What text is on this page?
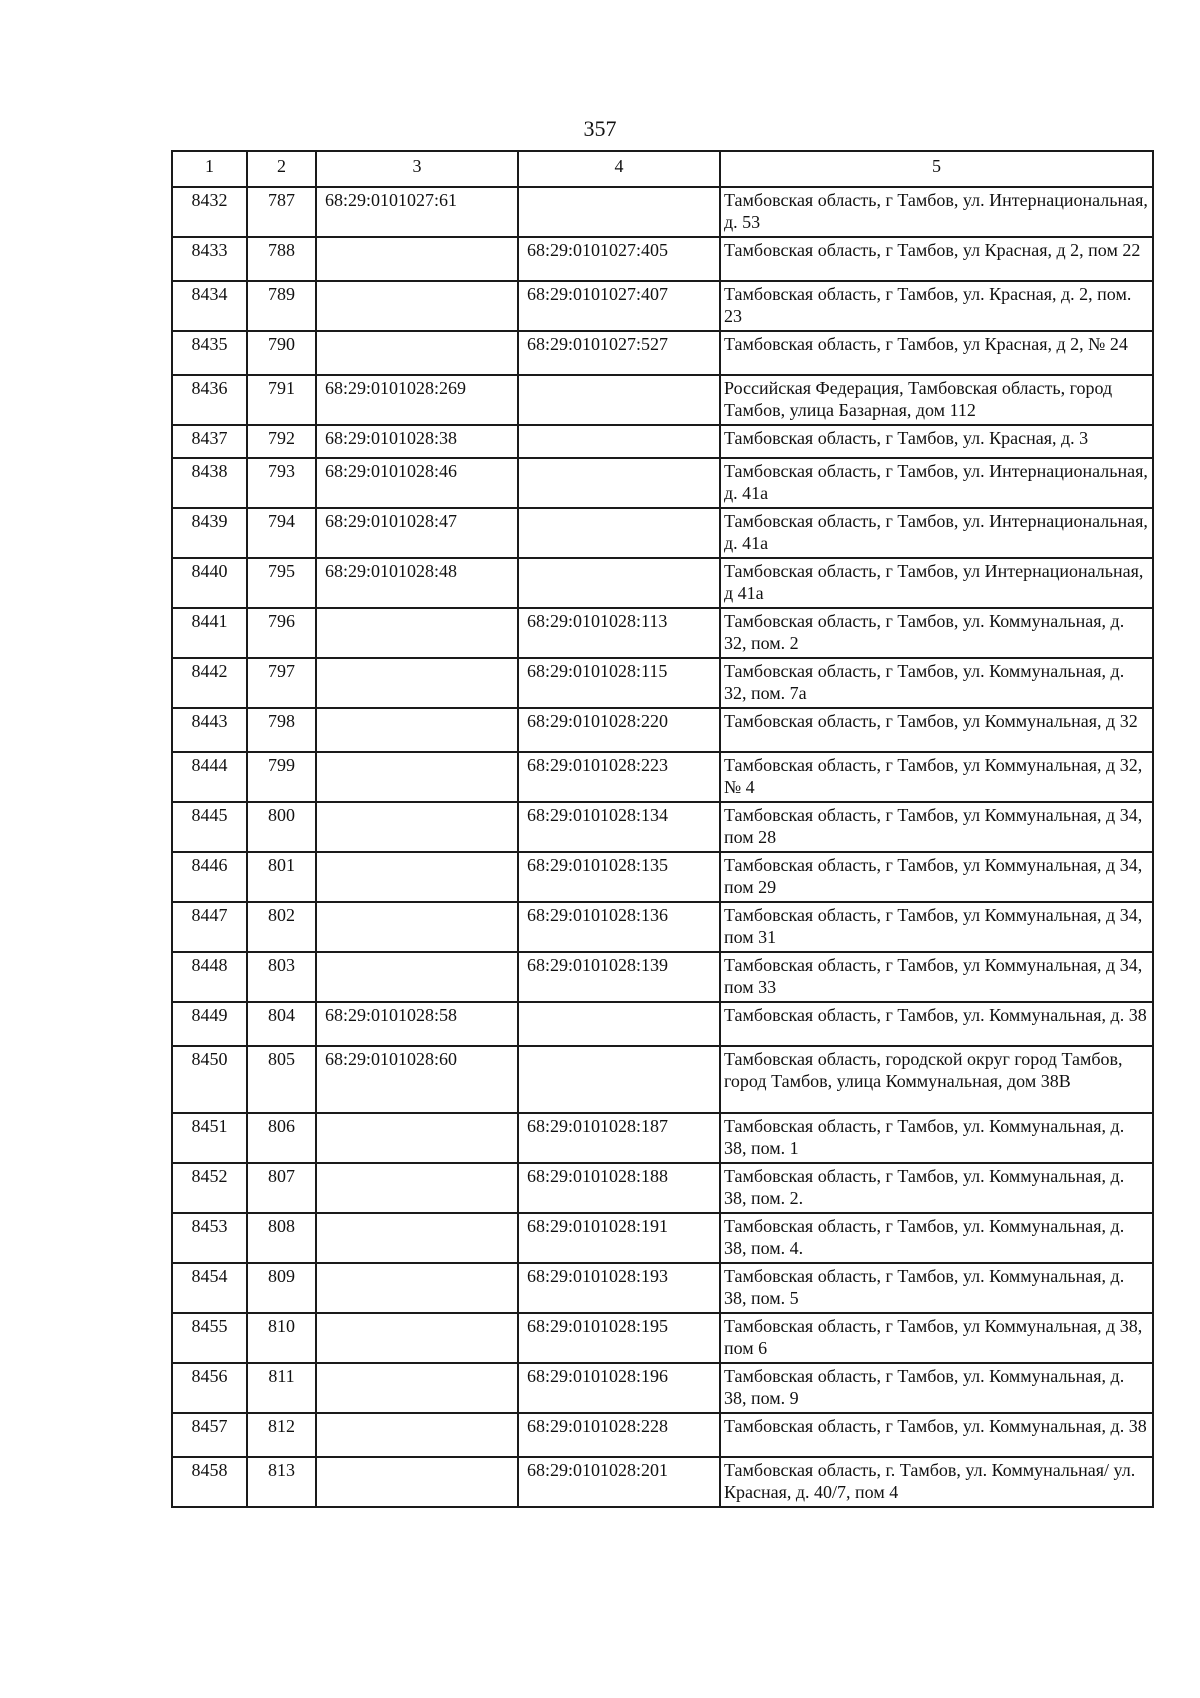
357
1	2	3	4	5
8432	787	68:29:0101027:61		Тамбовская область, г Тамбов, ул. Интернациональная, д. 53
8433	788		68:29:0101027:405	Тамбовская область, г Тамбов, ул Красная, д 2, пом 22
8434	789		68:29:0101027:407	Тамбовская область, г Тамбов, ул. Красная, д. 2, пом. 23
8435	790		68:29:0101027:527	Тамбовская область, г Тамбов, ул Красная, д 2, № 24
8436	791	68:29:0101028:269		Российская Федерация, Тамбовская область, город Тамбов, улица Базарная, дом 112
8437	792	68:29:0101028:38		Тамбовская область, г Тамбов, ул. Красная, д. 3
8438	793	68:29:0101028:46		Тамбовская область, г Тамбов, ул. Интернациональная, д. 41а
8439	794	68:29:0101028:47		Тамбовская область, г Тамбов, ул. Интернациональная, д. 41а
8440	795	68:29:0101028:48		Тамбовская область, г Тамбов, ул Интернациональная, д 41а
8441	796		68:29:0101028:113	Тамбовская область, г Тамбов, ул. Коммунальная, д. 32, пом. 2
8442	797		68:29:0101028:115	Тамбовская область, г Тамбов, ул. Коммунальная, д. 32, пом. 7а
8443	798		68:29:0101028:220	Тамбовская область, г Тамбов, ул Коммунальная, д 32
8444	799		68:29:0101028:223	Тамбовская область, г Тамбов, ул Коммунальная, д 32, № 4
8445	800		68:29:0101028:134	Тамбовская область, г Тамбов, ул Коммунальная, д 34, пом 28
8446	801		68:29:0101028:135	Тамбовская область, г Тамбов, ул Коммунальная, д 34, пом 29
8447	802		68:29:0101028:136	Тамбовская область, г Тамбов, ул Коммунальная, д 34, пом 31
8448	803		68:29:0101028:139	Тамбовская область, г Тамбов, ул Коммунальная, д 34, пом 33
8449	804	68:29:0101028:58		Тамбовская область, г Тамбов, ул. Коммунальная, д. 38
8450	805	68:29:0101028:60		Тамбовская область, городской округ город Тамбов, город Тамбов, улица Коммунальная, дом 38В
8451	806		68:29:0101028:187	Тамбовская область, г Тамбов, ул. Коммунальная, д. 38, пом. 1
8452	807		68:29:0101028:188	Тамбовская область, г Тамбов, ул. Коммунальная, д. 38, пом. 2.
8453	808		68:29:0101028:191	Тамбовская область, г Тамбов, ул. Коммунальная, д. 38, пом. 4.
8454	809		68:29:0101028:193	Тамбовская область, г Тамбов, ул. Коммунальная, д. 38, пом. 5
8455	810		68:29:0101028:195	Тамбовская область, г Тамбов, ул Коммунальная, д 38, пом 6
8456	811		68:29:0101028:196	Тамбовская область, г Тамбов, ул. Коммунальная, д. 38, пом. 9
8457	812		68:29:0101028:228	Тамбовская область, г Тамбов, ул. Коммунальная, д. 38
8458	813		68:29:0101028:201	Тамбовская область, г. Тамбов, ул. Коммунальная/ ул. Красная, д. 40/7, пом 4
